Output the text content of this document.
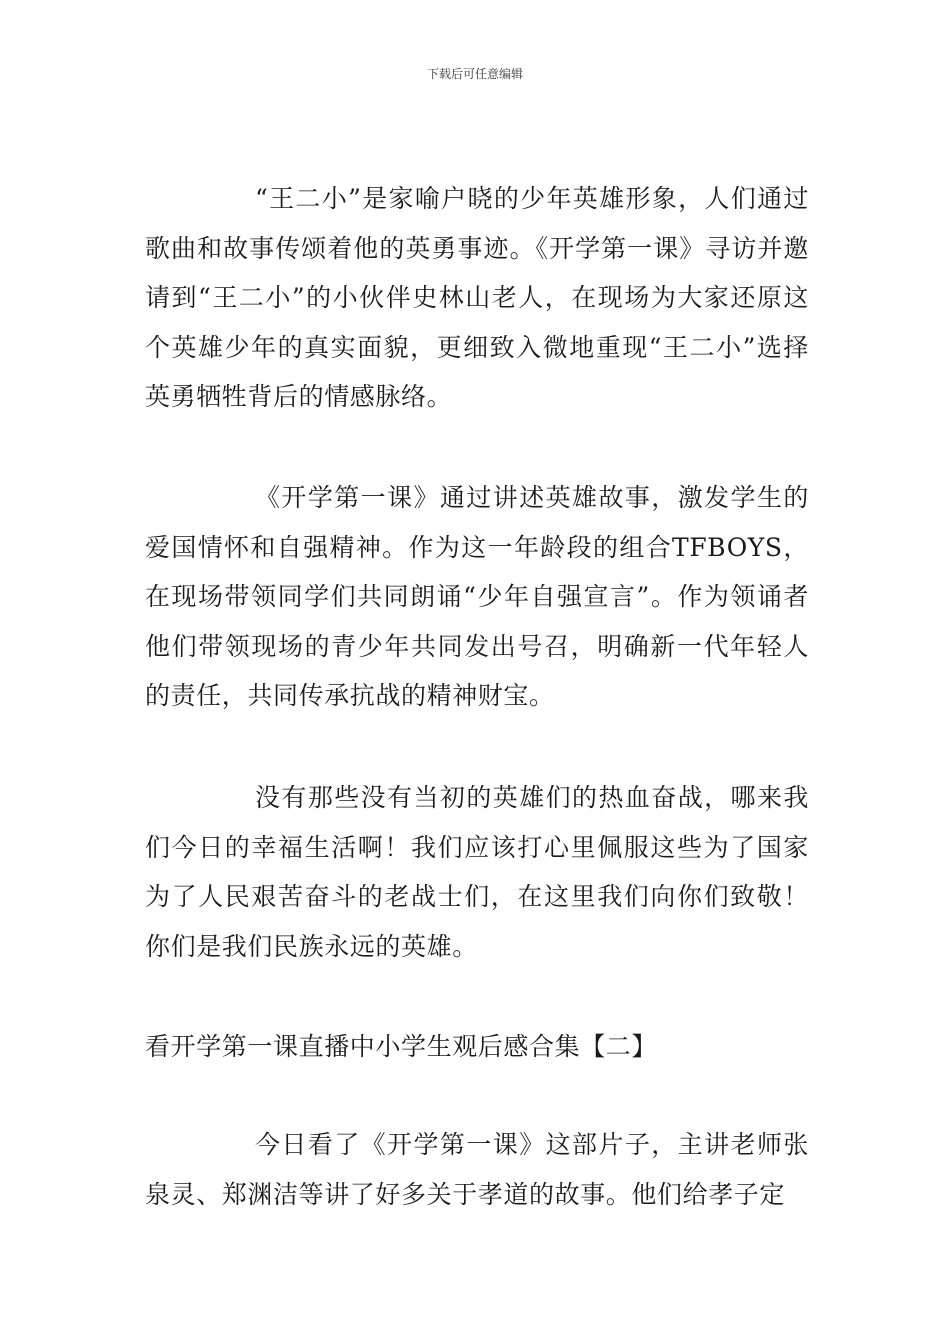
下载后可任意编辑

“王二小”是家喻户晓的少年英雄形象，人们通过歌曲和故事传颂着他的英勇事迹。《开学第一课》寻访并邀请到“王二小”的小伙伴史林山老人，在现场为大家还原这个英雄少年的真实面貌，更细致入微地重现“王二小”选择英勇牺牲背后的情感脉络。

《开学第一课》通过讲述英雄故事，激发学生的爱国情怀和自强精神。作为这一年龄段的组合TFBOYS，在现场带领同学们共同朗诵“少年自强宣言”。作为领诵者他们带领现场的青少年共同发出号召，明确新一代年轻人的责任，共同传承抗战的精神财宝。

没有那些没有当初的英雄们的热血奋战，哪来我们今日的幸福生活啊！我们应该打心里佩服这些为了国家为了人民艰苦奋斗的老战士们，在这里我们向你们致敬！你们是我们民族永远的英雄。

看开学第一课直播中小学生观后感合集【二】

今日看了《开学第一课》这部片子，主讲老师张泉灵、郑渊洁等讲了好多关于孝道的故事。他们给孝子定
